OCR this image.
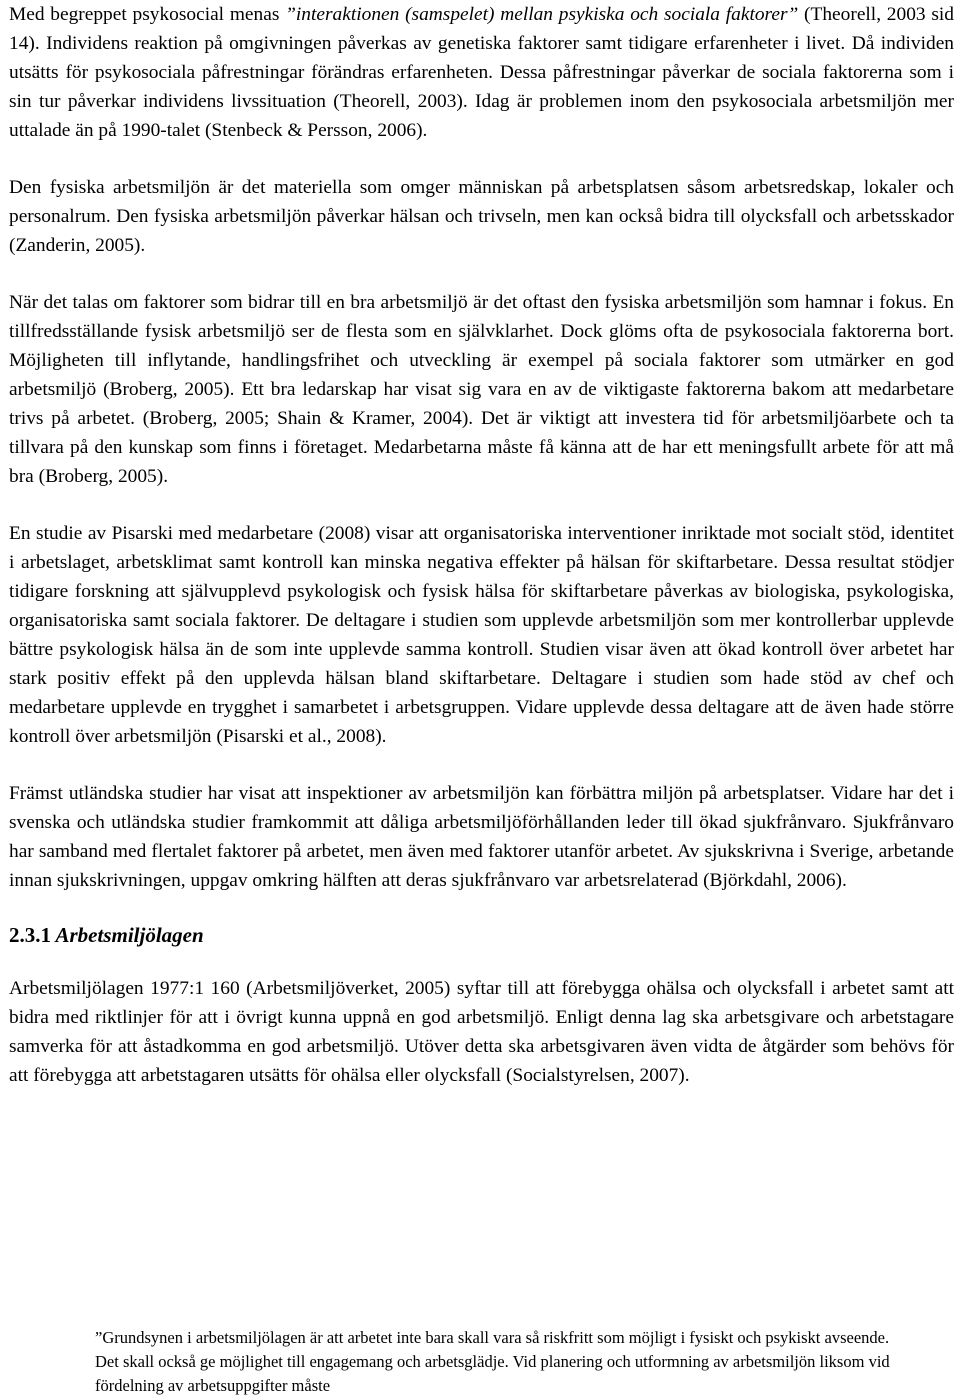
Med begreppet psykosocial menas ”interaktionen (samspelet) mellan psykiska och sociala faktorer” (Theorell, 2003 sid 14). Individens reaktion på omgivningen påverkas av genetiska faktorer samt tidigare erfarenheter i livet. Då individen utsätts för psykosociala påfrestningar förändras erfarenheten. Dessa påfrestningar påverkar de sociala faktorerna som i sin tur påverkar individens livssituation (Theorell, 2003). Idag är problemen inom den psykosociala arbetsmiljön mer uttalade än på 1990-talet (Stenbeck & Persson, 2006).

Den fysiska arbetsmiljön är det materiella som omger människan på arbetsplatsen såsom arbetsredskap, lokaler och personalrum. Den fysiska arbetsmiljön påverkar hälsan och trivseln, men kan också bidra till olycksfall och arbetsskador (Zanderin, 2005).

När det talas om faktorer som bidrar till en bra arbetsmiljö är det oftast den fysiska arbetsmiljön som hamnar i fokus. En tillfredsställande fysisk arbetsmiljö ser de flesta som en självklarhet. Dock glöms ofta de psykosociala faktorerna bort. Möjligheten till inflytande, handlingsfrihet och utveckling är exempel på sociala faktorer som utmärker en god arbetsmiljö (Broberg, 2005). Ett bra ledarskap har visat sig vara en av de viktigaste faktorerna bakom att medarbetare trivs på arbetet. (Broberg, 2005; Shain & Kramer, 2004). Det är viktigt att investera tid för arbetsmiljöarbete och ta tillvara på den kunskap som finns i företaget. Medarbetarna måste få känna att de har ett meningsfullt arbete för att må bra (Broberg, 2005).

En studie av Pisarski med medarbetare (2008) visar att organisatoriska interventioner inriktade mot socialt stöd, identitet i arbetslaget, arbetsklimat samt kontroll kan minska negativa effekter på hälsan för skiftarbetare. Dessa resultat stödjer tidigare forskning att självupplevd psykologisk och fysisk hälsa för skiftarbetare påverkas av biologiska, psykologiska, organisatoriska samt sociala faktorer. De deltagare i studien som upplevde arbetsmiljön som mer kontrollerbar upplevde bättre psykologisk hälsa än de som inte upplevde samma kontroll. Studien visar även att ökad kontroll över arbetet har stark positiv effekt på den upplevda hälsan bland skiftarbetare. Deltagare i studien som hade stöd av chef och medarbetare upplevde en trygghet i samarbetet i arbetsgruppen. Vidare upplevde dessa deltagare att de även hade större kontroll över arbetsmiljön (Pisarski et al., 2008).

Främst utländska studier har visat att inspektioner av arbetsmiljön kan förbättra miljön på arbetsplatser. Vidare har det i svenska och utländska studier framkommit att dåliga arbetsmiljöförhållanden leder till ökad sjukfrånvaro. Sjukfrånvaro har samband med flertalet faktorer på arbetet, men även med faktorer utanför arbetet. Av sjukskrivna i Sverige, arbetande innan sjukskrivningen, uppgav omkring hälften att deras sjukfrånvaro var arbetsrelaterad (Björkdahl, 2006).

2.3.1 Arbetsmiljölagen

Arbetsmiljölagen 1977:1 160 (Arbetsmiljöverket, 2005) syftar till att förebygga ohälsa och olycksfall i arbetet samt att bidra med riktlinjer för att i övrigt kunna uppnå en god arbetsmiljö. Enligt denna lag ska arbetsgivare och arbetstagare samverka för att åstadkomma en god arbetsmiljö. Utöver detta ska arbetsgivaren även vidta de åtgärder som behövs för att förebygga att arbetstagaren utsätts för ohälsa eller olycksfall (Socialstyrelsen, 2007).

”Grundsynen i arbetsmiljölagen är att arbetet inte bara skall vara så riskfritt som möjligt i fysiskt och psykiskt avseende. Det skall också ge möjlighet till engagemang och arbetsglädje. Vid planering och utformning av arbetsmiljön liksom vid fördelning av arbetsuppgifter måste
